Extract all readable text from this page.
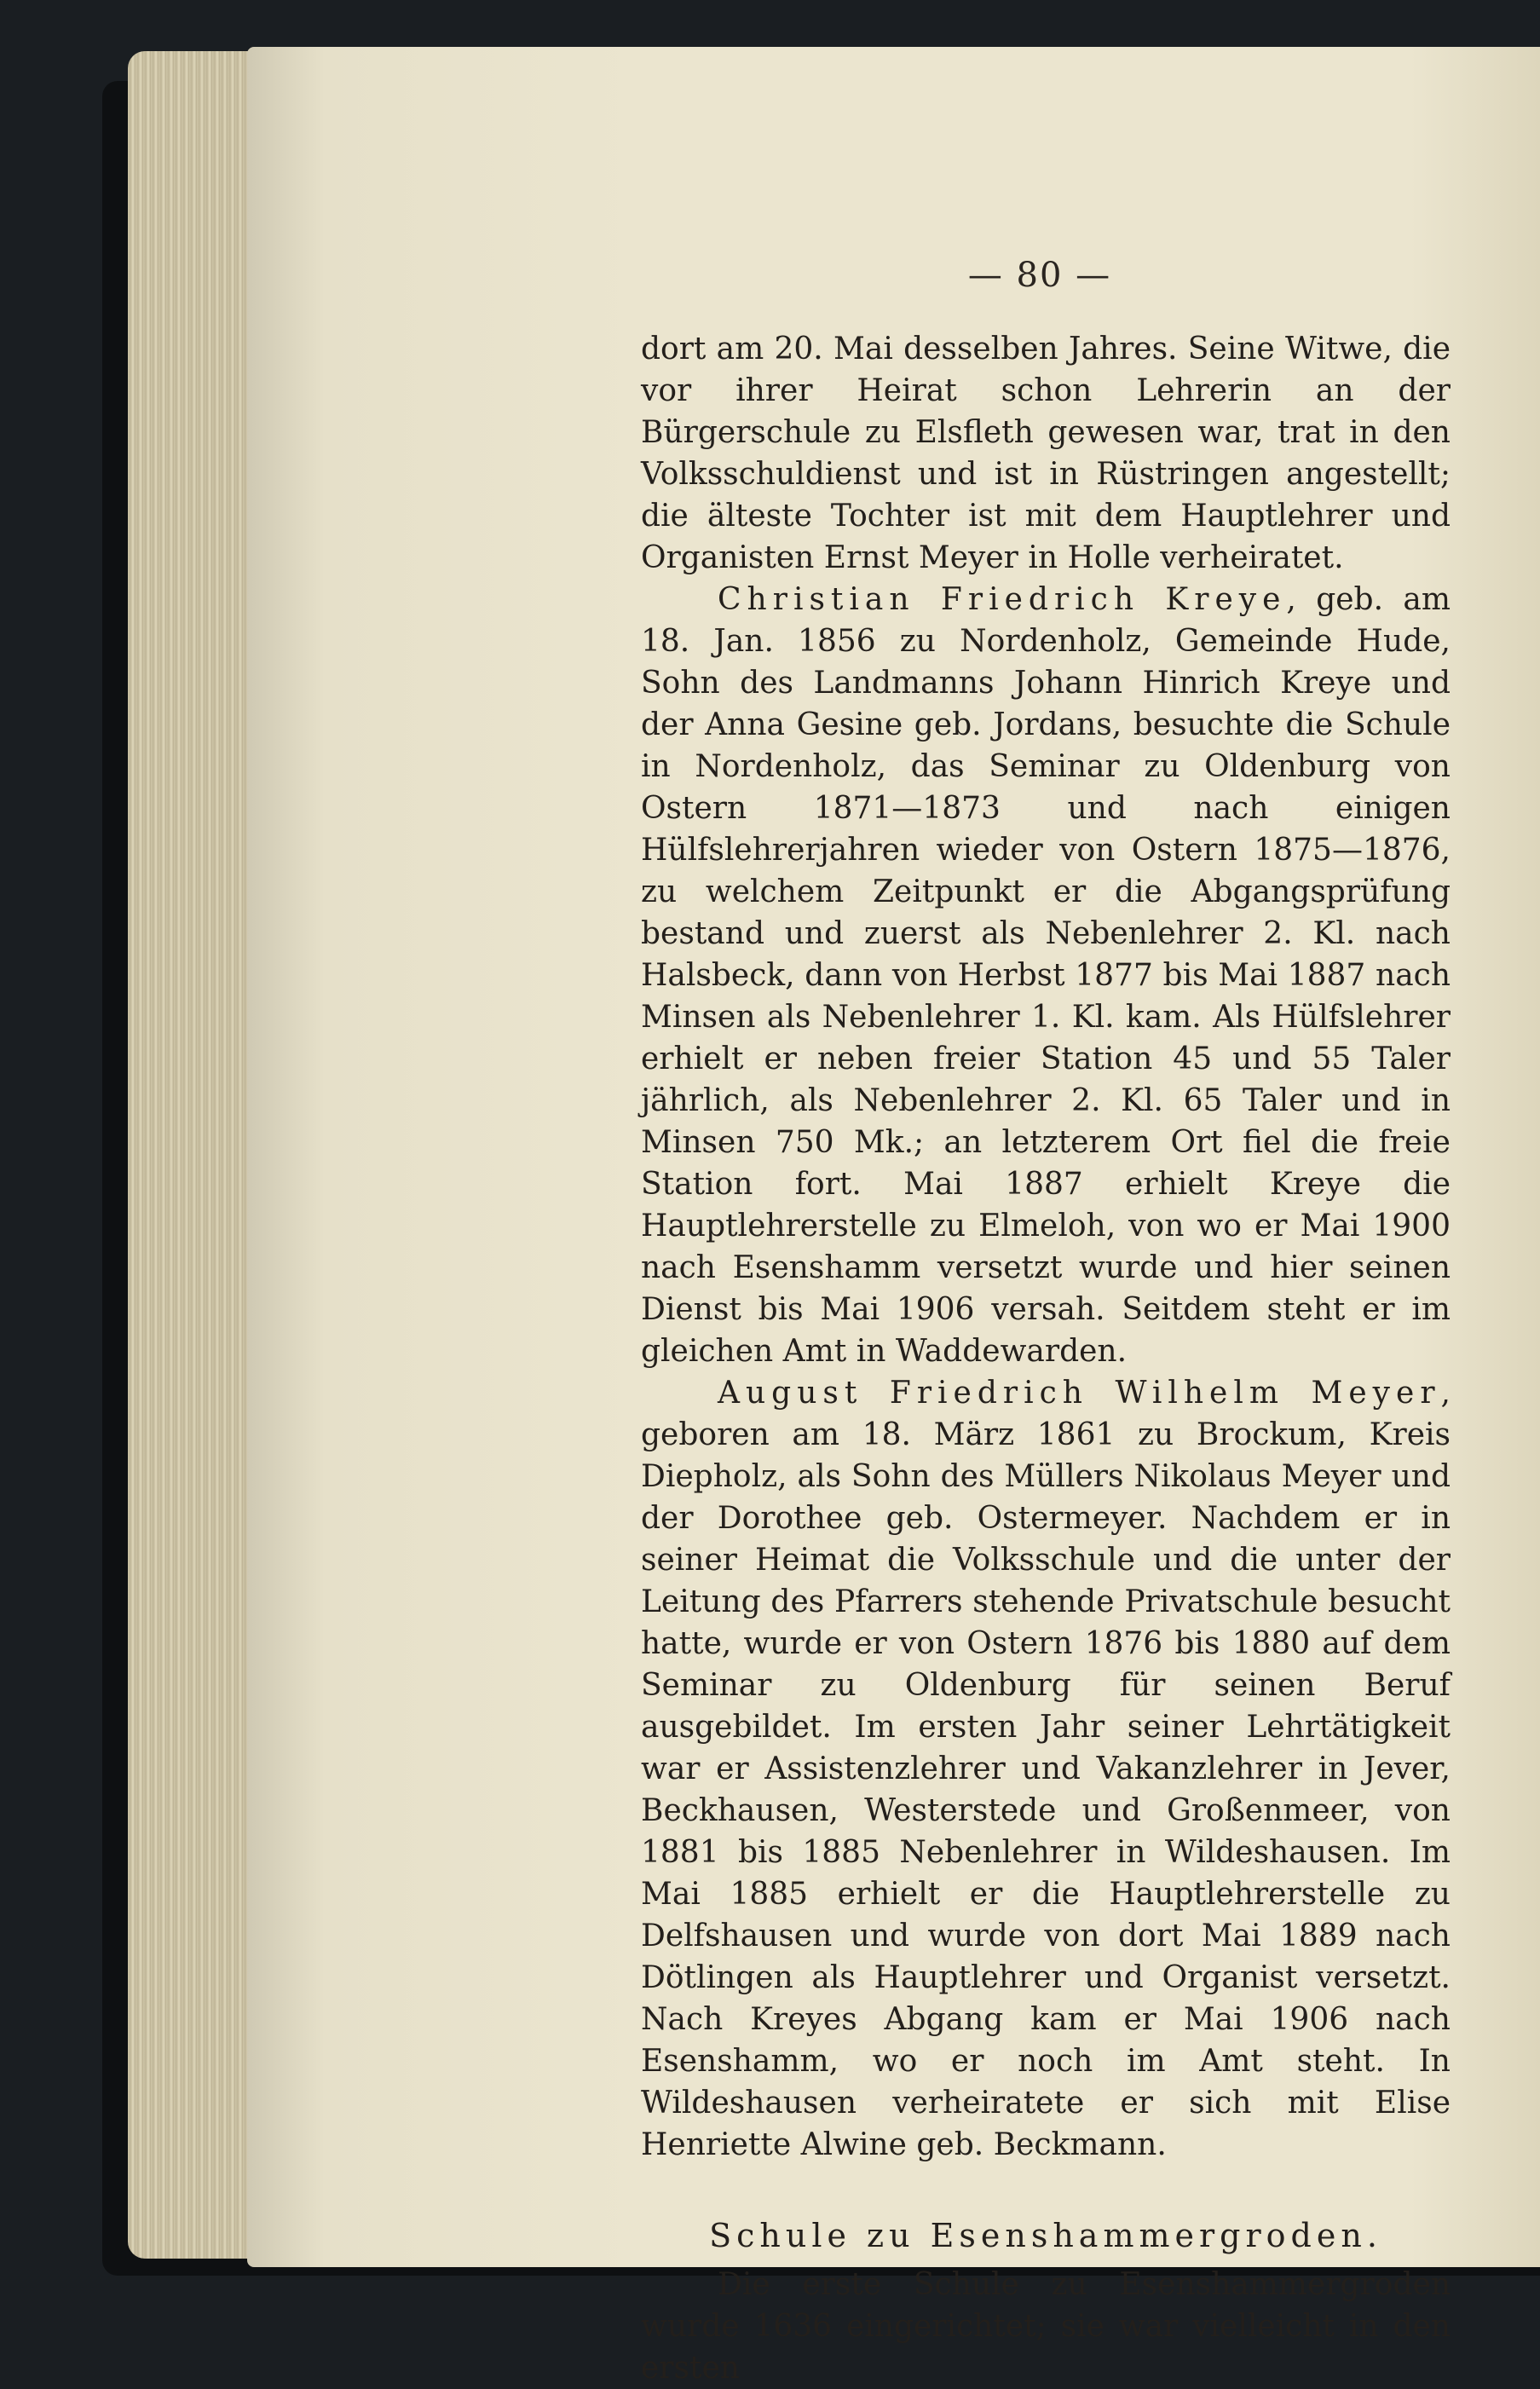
— 80 —

dort am 20. Mai desselben Jahres. Seine Witwe, die vor ihrer Heirat schon Lehrerin an der Bürgerschule zu Elsfleth gewesen war, trat in den Volksschuldienst und ist in Rüstringen angestellt; die älteste Tochter ist mit dem Hauptlehrer und Organisten Ernst Meyer in Holle verheiratet.

Christian Friedrich Kreye, geb. am 18. Jan. 1856 zu Nordenholz, Gemeinde Hude, Sohn des Landmanns Johann Hinrich Kreye und der Anna Gesine geb. Jordans, besuchte die Schule in Nordenholz, das Seminar zu Oldenburg von Ostern 1871—1873 und nach einigen Hülfslehrerjahren wieder von Ostern 1875—1876, zu welchem Zeitpunkt er die Abgangsprüfung bestand und zuerst als Nebenlehrer 2. Kl. nach Halsbeck, dann von Herbst 1877 bis Mai 1887 nach Minsen als Nebenlehrer 1. Kl. kam. Als Hülfslehrer erhielt er neben freier Station 45 und 55 Taler jährlich, als Nebenlehrer 2. Kl. 65 Taler und in Minsen 750 Mk.; an letzterem Ort fiel die freie Station fort. Mai 1887 erhielt Kreye die Hauptlehrerstelle zu Elmeloh, von wo er Mai 1900 nach Esenshamm versetzt wurde und hier seinen Dienst bis Mai 1906 versah. Seitdem steht er im gleichen Amt in Waddewarden.

August Friedrich Wilhelm Meyer, geboren am 18. März 1861 zu Brockum, Kreis Diepholz, als Sohn des Müllers Nikolaus Meyer und der Dorothee geb. Ostermeyer. Nachdem er in seiner Heimat die Volksschule und die unter der Leitung des Pfarrers stehende Privatschule besucht hatte, wurde er von Ostern 1876 bis 1880 auf dem Seminar zu Oldenburg für seinen Beruf ausgebildet. Im ersten Jahr seiner Lehrtätigkeit war er Assistenzlehrer und Vakanzlehrer in Jever, Beckhausen, Westerstede und Großenmeer, von 1881 bis 1885 Nebenlehrer in Wildeshausen. Im Mai 1885 erhielt er die Hauptlehrerstelle zu Delfshausen und wurde von dort Mai 1889 nach Dötlingen als Hauptlehrer und Organist versetzt. Nach Kreyes Abgang kam er Mai 1906 nach Esenshamm, wo er noch im Amt steht. In Wildeshausen verheiratete er sich mit Elise Henriette Alwine geb. Beckmann.

Schule zu Esenshammergroden.

Die erste Schule zu Esenshammergroden wurde 1636 eingerichtet; sie war vielleicht in den ersten
